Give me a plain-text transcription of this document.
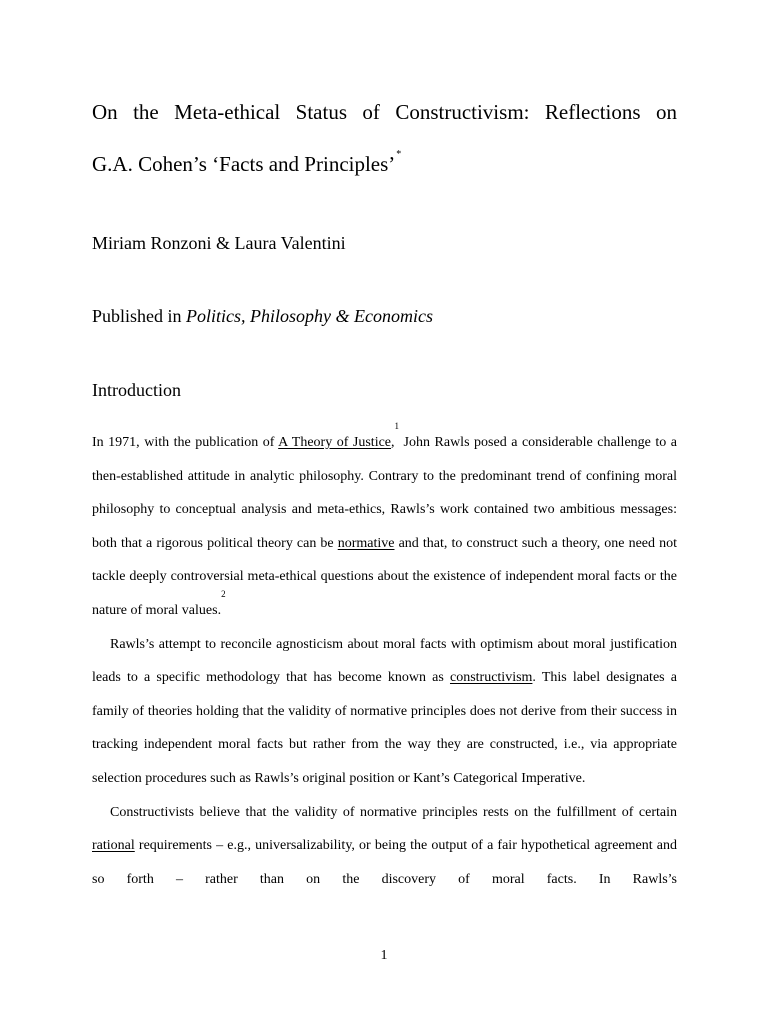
On the Meta-ethical Status of Constructivism: Reflections on
G.A. Cohen’s ‘Facts and Principles’*
Miriam Ronzoni & Laura Valentini
Published in Politics, Philosophy & Economics
Introduction

In 1971, with the publication of A Theory of Justice,$^1$ John Rawls posed a considerable challenge to a then-established attitude in analytic philosophy. Contrary to the predominant trend of confining moral philosophy to conceptual analysis and meta-ethics, Rawls’s work contained two ambitious messages: both that a rigorous political theory can be normative and that, to construct such a theory, one need not tackle deeply controversial meta-ethical questions about the existence of independent moral facts or the nature of moral values.$^2$

Rawls’s attempt to reconcile agnosticism about moral facts with optimism about moral justification leads to a specific methodology that has become known as constructivism. This label designates a family of theories holding that the validity of normative principles does not derive from their success in tracking independent moral facts but rather from the way they are constructed, i.e., via appropriate selection procedures such as Rawls’s original position or Kant’s Categorical Imperative.

Constructivists believe that the validity of normative principles rests on the fulfillment of certain rational requirements – e.g., universalizability, or being the output of a fair hypothetical agreement and so forth – rather than on the discovery of moral facts. In Rawls’s

1
